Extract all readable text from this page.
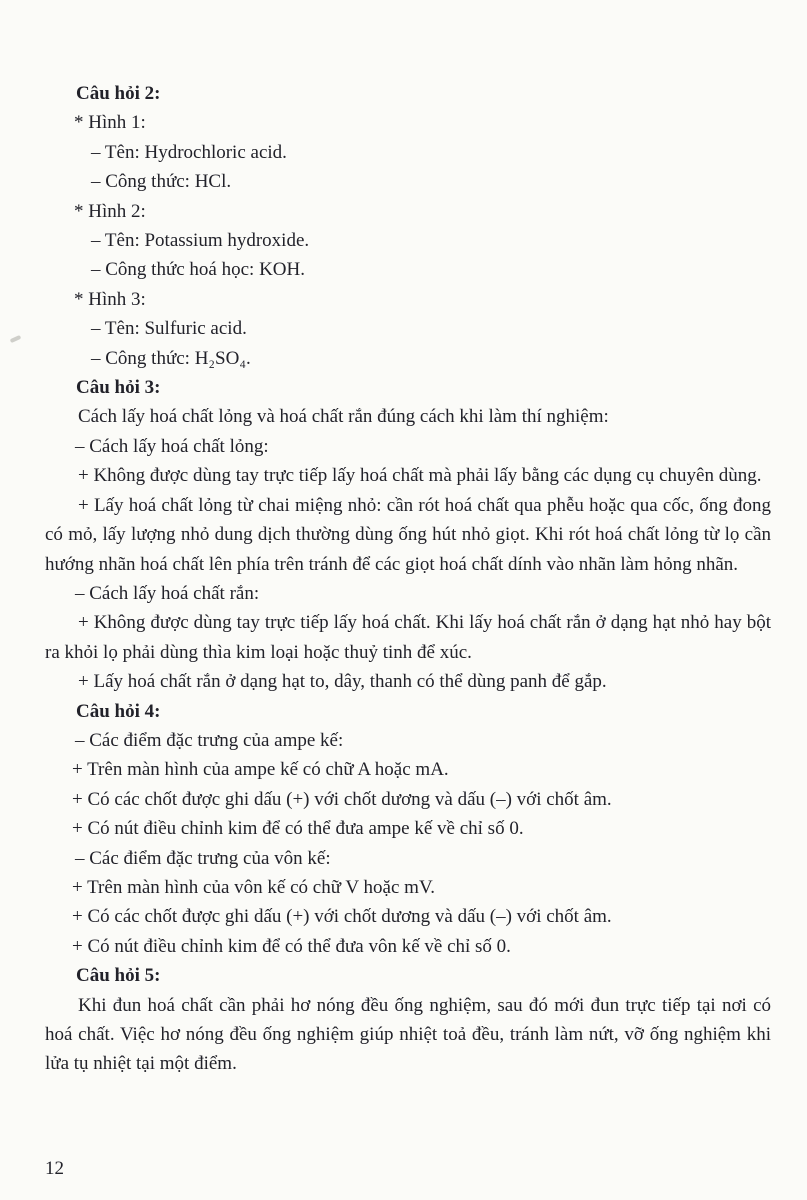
Câu hỏi 2:

* Hình 1:

– Tên: Hydrochloric acid.

– Công thức: HCl.

* Hình 2:

– Tên: Potassium hydroxide.

– Công thức hoá học: KOH.

* Hình 3:

– Tên: Sulfuric acid.

– Công thức: H₂SO₄.

Câu hỏi 3:

Cách lấy hoá chất lỏng và hoá chất rắn đúng cách khi làm thí nghiệm:

– Cách lấy hoá chất lỏng:

+ Không được dùng tay trực tiếp lấy hoá chất mà phải lấy bằng các dụng cụ chuyên dùng.

+ Lấy hoá chất lỏng từ chai miệng nhỏ: cần rót hoá chất qua phễu hoặc qua cốc, ống đong có mỏ, lấy lượng nhỏ dung dịch thường dùng ống hút nhỏ giọt. Khi rót hoá chất lỏng từ lọ cần hướng nhãn hoá chất lên phía trên tránh để các giọt hoá chất dính vào nhãn làm hỏng nhãn.

– Cách lấy hoá chất rắn:

+ Không được dùng tay trực tiếp lấy hoá chất. Khi lấy hoá chất rắn ở dạng hạt nhỏ hay bột ra khỏi lọ phải dùng thìa kim loại hoặc thuỷ tinh để xúc.

+ Lấy hoá chất rắn ở dạng hạt to, dây, thanh có thể dùng panh để gắp.

Câu hỏi 4:

– Các điểm đặc trưng của ampe kế:

+ Trên màn hình của ampe kế có chữ A hoặc mA.

+ Có các chốt được ghi dấu (+) với chốt dương và dấu (–) với chốt âm.

+ Có nút điều chỉnh kim để có thể đưa ampe kế về chỉ số 0.

– Các điểm đặc trưng của vôn kế:

+ Trên màn hình của vôn kế có chữ V hoặc mV.

+ Có các chốt được ghi dấu (+) với chốt dương và dấu (–) với chốt âm.

+ Có nút điều chỉnh kim để có thể đưa vôn kế về chỉ số 0.

Câu hỏi 5:

Khi đun hoá chất cần phải hơ nóng đều ống nghiệm, sau đó mới đun trực tiếp tại nơi có hoá chất. Việc hơ nóng đều ống nghiệm giúp nhiệt toả đều, tránh làm nứt, vỡ ống nghiệm khi lửa tụ nhiệt tại một điểm.

12
